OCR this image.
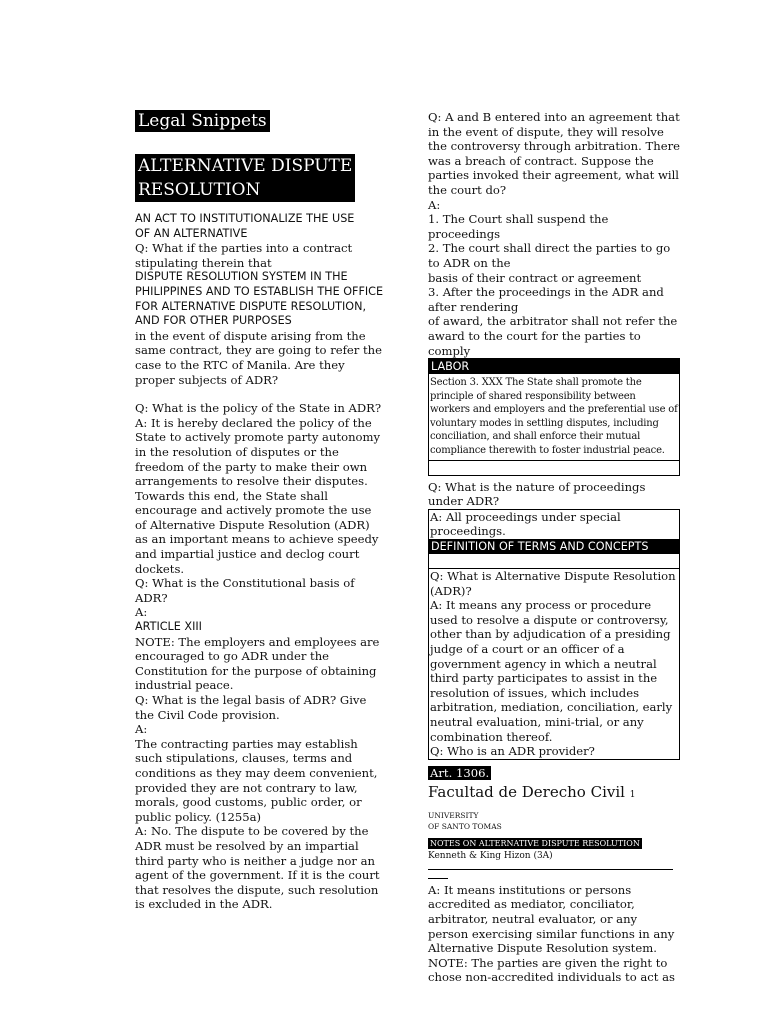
Legal Snippets
ALTERNATIVE DISPUTE
RESOLUTION

AN ACT TO INSTITUTIONALIZE THE USE

OF AN ALTERNATIVE

Q: What if the parties into a contract

stipulating therein that

DISPUTE RESOLUTION SYSTEM IN THE PHILIPPINES AND TO ESTABLISH THE OFFICE FOR ALTERNATIVE DISPUTE RESOLUTION, AND FOR OTHER PURPOSES

in the event of dispute arising from the same contract, they are going to refer the case to the RTC of Manila. Are they proper subjects of ADR?

Q: What is the policy of the State in ADR?

A: It is hereby declared the policy of the State to actively promote party autonomy in the resolution of disputes or the freedom of the party to make their own arrangements to resolve their disputes. Towards this end, the State shall encourage and actively promote the use of Alternative Dispute Resolution (ADR) as an important means to achieve speedy and impartial justice and declog court dockets.

Q: What is the Constitutional basis of ADR?

A:

ARTICLE XIII

NOTE: The employers and employees are encouraged to go ADR under the Constitution for the purpose of obtaining industrial peace.

Q: What is the legal basis of ADR? Give the Civil Code provision.

A:

The contracting parties may establish such stipulations, clauses, terms and conditions as they may deem convenient, provided they are not contrary to law, morals, good customs, public order, or public policy. (1255a)

A: No. The dispute to be covered by the ADR must be resolved by an impartial third party who is neither a judge nor an agent of the government. If it is the court that resolves the dispute, such resolution is excluded in the ADR.

Q: A and B entered into an agreement that in the event of dispute, they will resolve the controversy through arbitration. There was a breach of contract. Suppose the parties invoked their agreement, what will the court do?

A:

1. The Court shall suspend the proceedings

2. The court shall direct the parties to go to ADR on the

basis of their contract or agreement

3. After the proceedings in the ADR and after rendering

of award, the arbitrator shall not refer the award to the court for the parties to comply

LABOR
Section 3. XXX The State shall promote the principle of shared responsibility between workers and employers and the preferential use of voluntary modes in settling disputes, including conciliation, and shall enforce their mutual compliance therewith to foster industrial peace.

Q: What is the nature of proceedings under ADR?

A: All proceedings under special proceedings.

DEFINITION OF TERMS AND CONCEPTS

Q: What is Alternative Dispute Resolution (ADR)?

A: It means any process or procedure used to resolve a dispute or controversy, other than by adjudication of a presiding judge of a court or an officer of a government agency in which a neutral third party participates to assist in the resolution of issues, which includes arbitration, mediation, conciliation, early neutral evaluation, mini-trial, or any combination thereof.

Q: Who is an ADR provider?

Art. 1306.
Facultad de Derecho Civil 1 UNIVERSITY
OF SANTO TOMAS
NOTES ON ALTERNATIVE DISPUTE RESOLUTION
Kenneth & King Hizon (3A)

A: It means institutions or persons accredited as mediator, conciliator, arbitrator, neutral evaluator, or any person exercising similar functions in any Alternative Dispute Resolution system.

NOTE: The parties are given the right to chose non-accredited individuals to act as
